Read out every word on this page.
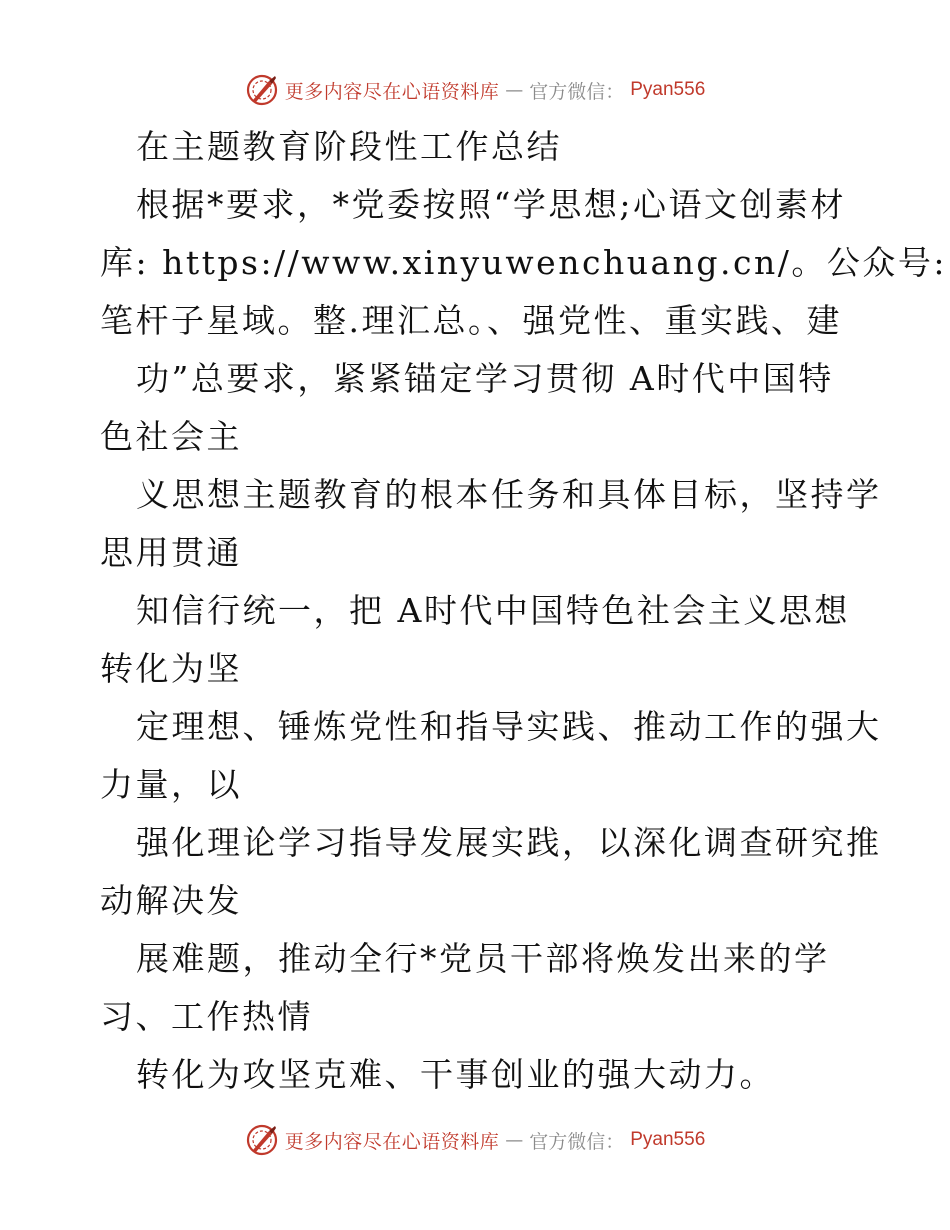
更多内容尽在心语资料库 — 官方微信： Pyan556
在主题教育阶段性工作总结
根据*要求，*党委按照“学思想;心语文创素材
库: https://www.xinyuwenchuang.cn/。公众号:
笔杆子星域。整.理汇总。、强党性、重实践、建
功”总要求，紧紧锚定学习贯彻 A时代中国特
色社会主
义思想主题教育的根本任务和具体目标，坚持学
思用贯通
知信行统一，把 A时代中国特色社会主义思想
转化为坚
定理想、锤炼党性和指导实践、推动工作的强大
力量，以
强化理论学习指导发展实践，以深化调查研究推
动解决发
展难题，推动全行*党员干部将焕发出来的学
习、工作热情
转化为攻坚克难、干事创业的强大动力。
更多内容尽在心语资料库 — 官方微信： Pyan556
